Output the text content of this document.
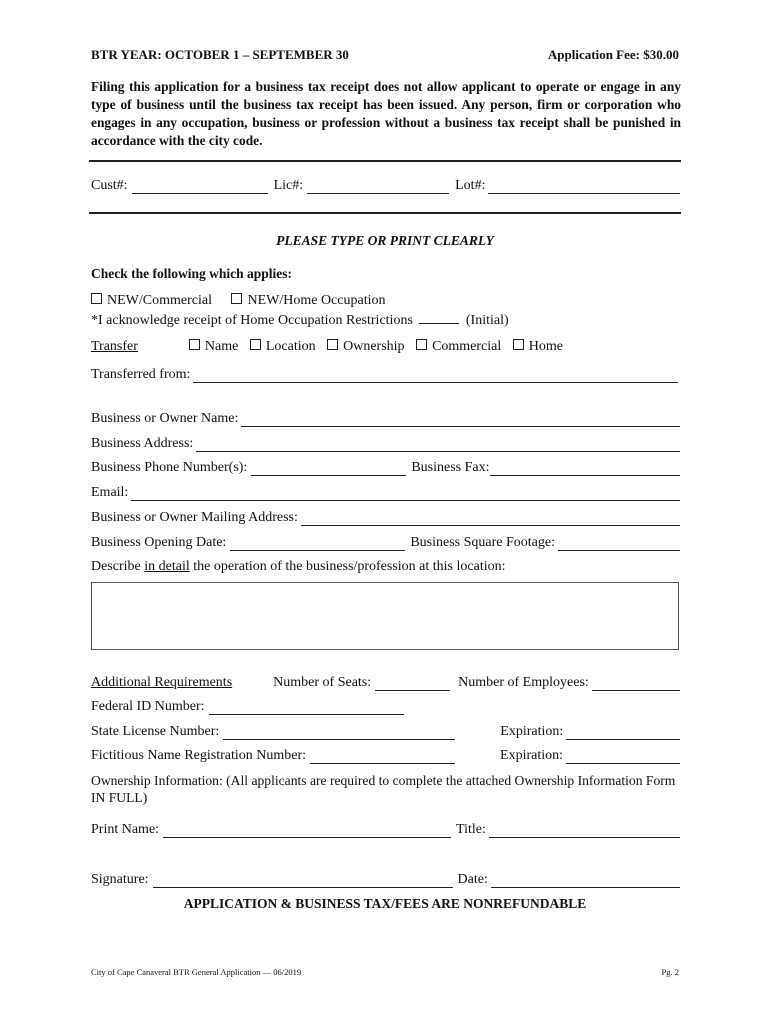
BTR YEAR: OCTOBER 1 – SEPTEMBER 30	Application Fee: $30.00
Filing this application for a business tax receipt does not allow applicant to operate or engage in any type of business until the business tax receipt has been issued. Any person, firm or corporation who engages in any occupation, business or profession without a business tax receipt shall be punished in accordance with the city code.
Cust#:	Lic#:	Lot#:
PLEASE TYPE OR PRINT CLEARLY
Check the following which applies:
NEW/Commercial	NEW/Home Occupation
*I acknowledge receipt of Home Occupation Restrictions	(Initial)
Transfer	Name Location Ownership Commercial Home
Transferred from:
Business or Owner Name:
Business Address:
Business Phone Number(s):	Business Fax:
Email:
Business or Owner Mailing Address:
Business Opening Date:	Business Square Footage:
Describe in detail the operation of the business/profession at this location:
Additional Requirements	Number of Seats:	Number of Employees:
Federal ID Number:
State License Number:	Expiration:
Fictitious Name Registration Number:	Expiration:
Ownership Information: (All applicants are required to complete the attached Ownership Information Form IN FULL)
Print Name:	Title:
Signature:	Date:
APPLICATION & BUSINESS TAX/FEES ARE NONREFUNDABLE
City of Cape Canaveral BTR General Application — 06/2019	Pg. 2
